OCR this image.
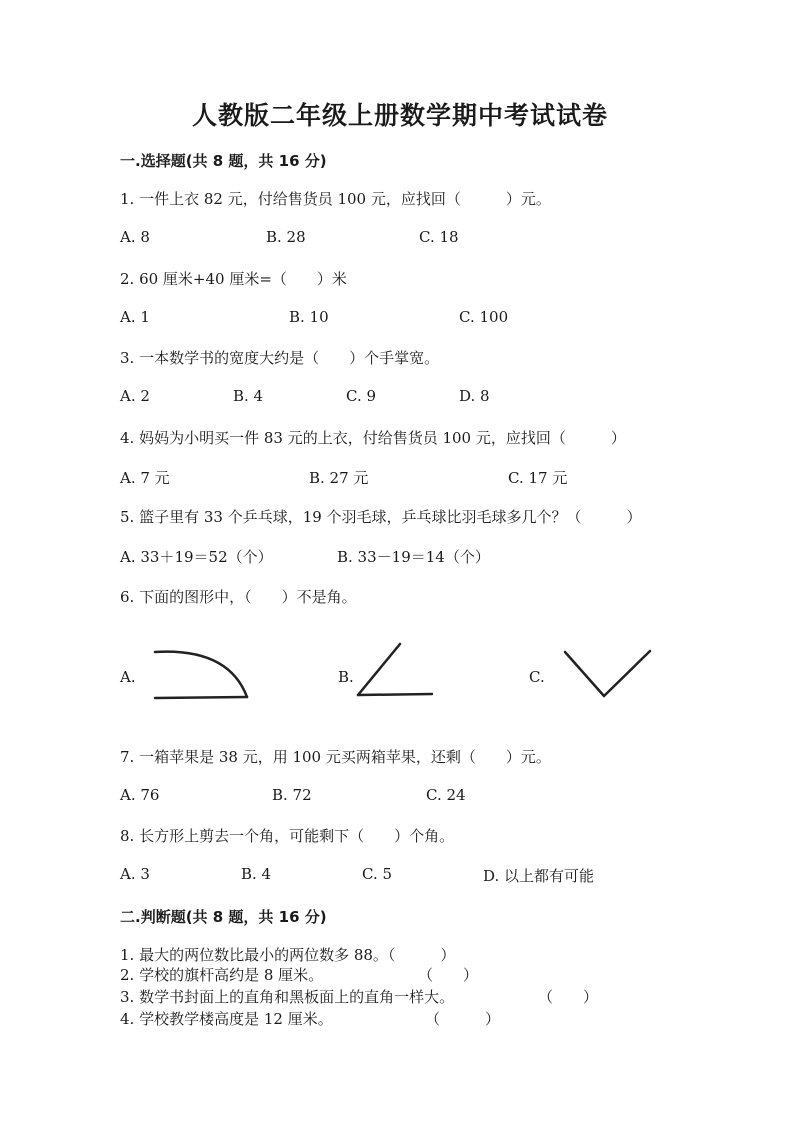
人教版二年级上册数学期中考试试卷
一.选择题(共 8 题，共 16 分)
1. 一件上衣 82 元，付给售货员 100 元，应找回（　　　）元。
A. 8	B. 28	C. 18
2. 60 厘米+40 厘米=（　　）米
A. 1	B. 10	C. 100
3. 一本数学书的宽度大约是（　　）个手掌宽。
A. 2	B. 4	C. 9	D. 8
4. 妈妈为小明买一件 83 元的上衣，付给售货员 100 元，应找回（　　　）
A. 7 元	B. 27 元	C. 17 元
5. 篮子里有 33 个乒乓球，19 个羽毛球，乒乓球比羽毛球多几个？（　　　）
A. 33＋19＝52（个）	B. 33－19＝14（个）
6. 下面的图形中，（　　）不是角。
A.	B.	C.
7. 一箱苹果是 38 元，用 100 元买两箱苹果，还剩（　　）元。
A. 76	B. 72	C. 24
8. 长方形上剪去一个角，可能剩下（　　）个角。
A. 3	B. 4	C. 5	D. 以上都有可能
二.判断题(共 8 题，共 16 分)
1. 最大的两位数比最小的两位数多 88。（　　　）
2. 学校的旗杆高约是 8 厘米。	（　　）
3. 数学书封面上的直角和黑板面上的直角一样大。	（　　）
4. 学校教学楼高度是 12 厘米。	（　　　）
